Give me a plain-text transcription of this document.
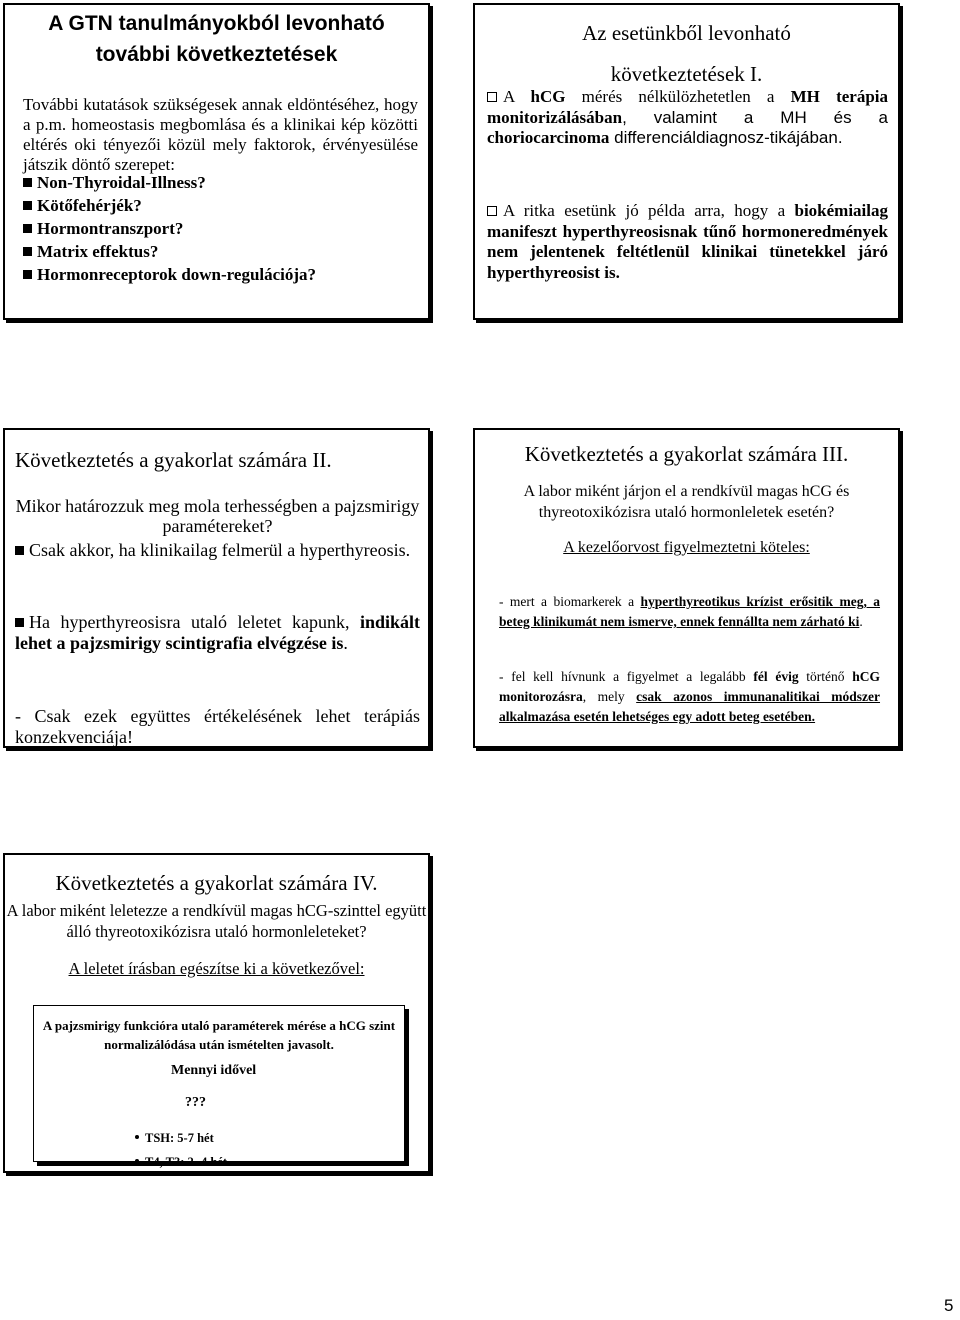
A GTN tanulmányokból levonható

további következtetések

További kutatások szükségesek annak eldöntéséhez, hogy a p.m. homeostasis megbomlása és a klinikai kép közötti eltérés oki tényezői közül mely faktorok, érvényesülése játszik döntő szerepet:
Non-Thyroidal-Illness?
Kötőfehérjék?
Hormontranszport?
Matrix effektus?
Hormonreceptorok down-regulációja?

Az esetünkből levonható

következtetések I.

A hCG mérés nélkülözhetetlen a MH terápia monitorizálásában, valamint a MH és a choriocarcinoma differenciáldiagnosz-tikájában.
A ritka esetünk jó példa arra, hogy a biokémiailag manifeszt hyperthyreosisnak tűnő hormoneredmények nem jelentenek feltétlenül klinikai tünetekkel járó hyperthyreosist is.

Következtetés a gyakorlat számára II.

Mikor határozzuk meg mola terhességben a pajzsmirigy paramétereket?
Csak akkor, ha klinikailag felmerül a hyperthyreosis.
Ha hyperthyreosisra utaló leletet kapunk, indikált lehet a pajzsmirigy scintigrafia elvégzése is.
- Csak ezek együttes értékelésének lehet terápiás konzekvenciája!

Következtetés a gyakorlat számára III.

A labor miként járjon el a rendkívül magas hCG és thyreotoxikózisra utaló hormonleletek esetén?

A kezelőorvost figyelmeztetni köteles:

- mert a biomarkerek a hyperthyreotikus krízist erősitik meg, a beteg klinikumát nem ismerve, ennek fennállta nem zárható ki.
- fel kell hívnunk a figyelmet a legalább fél évig történő hCG monitorozásra, mely csak azonos immunanalitikai módszer alkalmazása esetén lehetséges egy adott beteg esetében.

Következtetés a gyakorlat számára IV.

A labor miként leletezze a rendkívül magas hCG-szinttel együtt álló thyreotoxikózisra utaló hormonleleteket?

A leletet írásban egészítse ki a következővel:

A pajzsmirigy funkcióra utaló paraméterek mérése a hCG szint normalizálódása után ismételten javasolt.
Mennyi idővel
???
TSH: 5-7 hét
T4, T3: 2- 4 hét
5
